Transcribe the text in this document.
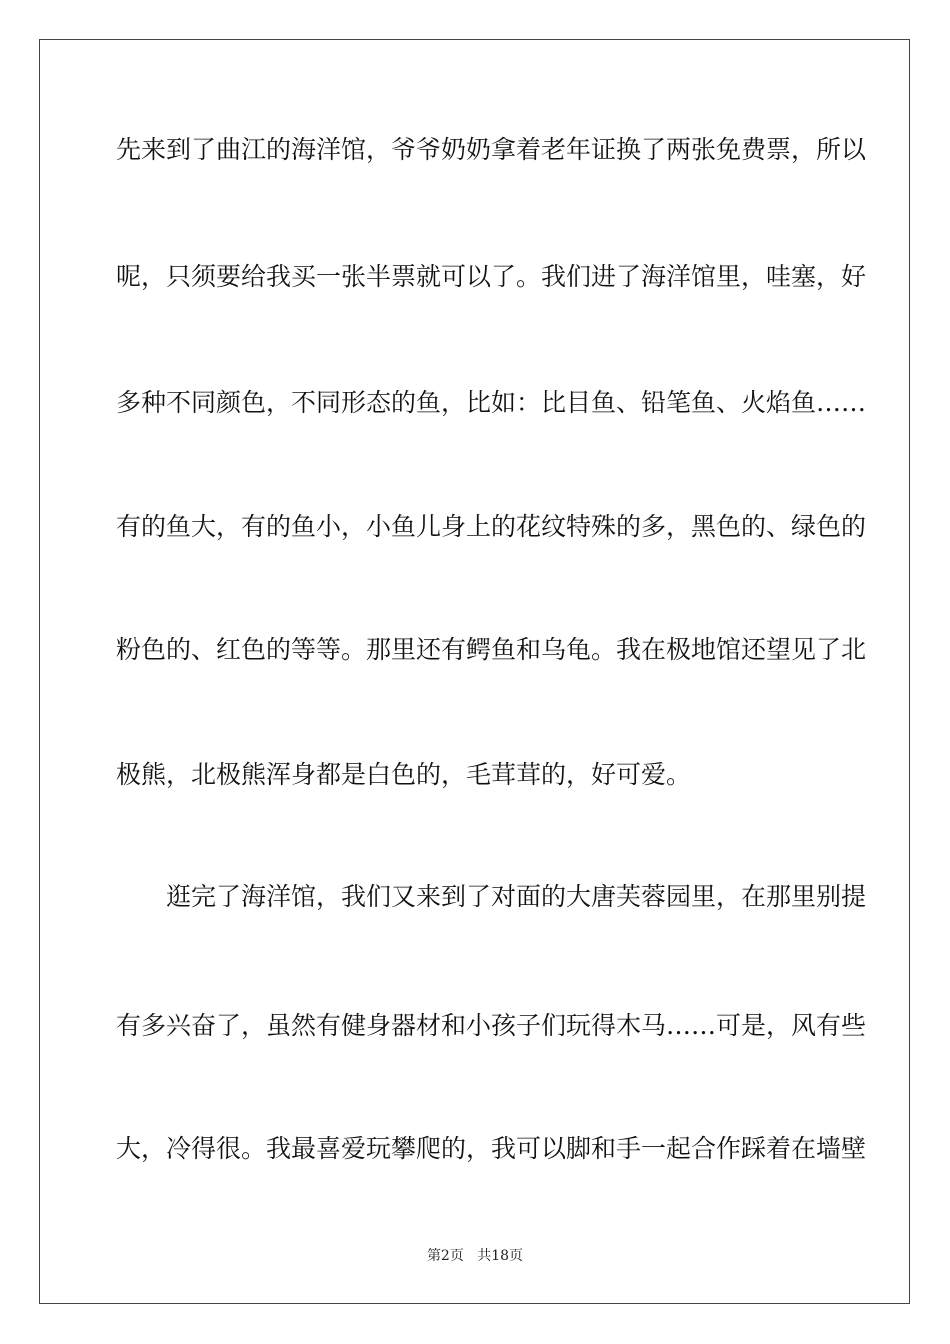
先来到了曲江的海洋馆，爷爷奶奶拿着老年证换了两张免费票，所以
呢，只须要给我买一张半票就可以了。我们进了海洋馆里，哇塞，好
多种不同颜色，不同形态的鱼，比如：比目鱼、铅笔鱼、火焰鱼……
有的鱼大，有的鱼小，小鱼儿身上的花纹特殊的多，黑色的、绿色的
粉色的、红色的等等。那里还有鳄鱼和乌龟。我在极地馆还望见了北
极熊，北极熊浑身都是白色的，毛茸茸的，好可爱。
逛完了海洋馆，我们又来到了对面的大唐芙蓉园里，在那里别提
有多兴奋了，虽然有健身器材和小孩子们玩得木马……可是，风有些
大，冷得很。我最喜爱玩攀爬的，我可以脚和手一起合作踩着在墙壁
第2页 共18页
